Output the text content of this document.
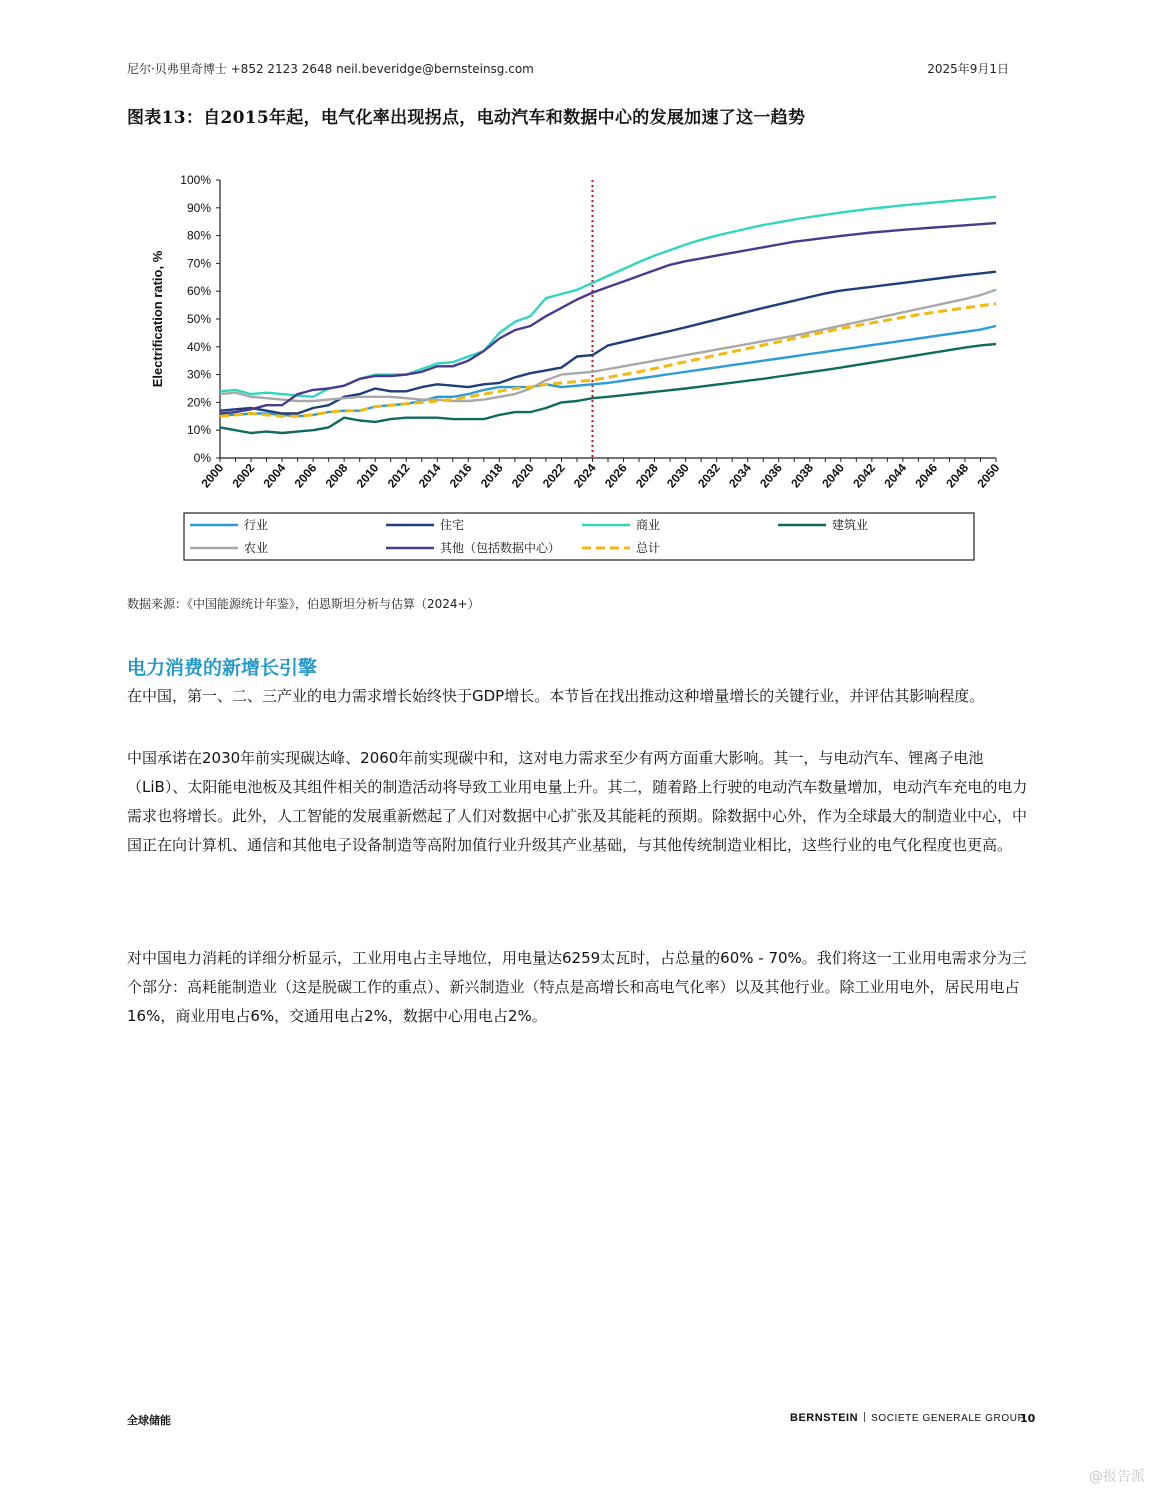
尼尔·贝弗里奇博士 +852 2123 2648 neil.beveridge@bernsteinsg.com	2025年9月1日
图表13：自2015年起，电气化率出现拐点，电动汽车和数据中心的发展加速了这一趋势
0%
10%
20%
30%
40%
50%
60%
70%
80%
90%
100%
Electrification ratio, %
2000 2002 2004 2006 2008 2010 2012 2014 2016 2018 2020 2022 2024 2026 2028 2030 2032 2034 2036 2038 2040 2042 2044 2046 2048 2050
行业	住宅	商业	建筑业
农业	其他（包括数据中心）	总计
数据来源：《中国能源统计年鉴》，伯恩斯坦分析与估算（2024+）
电力消费的新增长引擎

在中国，第一、二、三产业的电力需求增长始终快于GDP增长。本节旨在找出推动这种增量增长的关键行业，并评估其影响程度。

中国承诺在2030年前实现碳达峰、2060年前实现碳中和，这对电力需求至少有两方面重大影响。其一，与电动汽车、锂离子电池（LiB）、太阳能电池板及其组件相关的制造活动将导致工业用电量上升。其二，随着路上行驶的电动汽车数量增加，电动汽车充电的电力需求也将增长。此外，人工智能的发展重新燃起了人们对数据中心扩张及其能耗的预期。除数据中心外，作为全球最大的制造业中心，中国正在向计算机、通信和其他电子设备制造等高附加值行业升级其产业基础，与其他传统制造业相比，这些行业的电气化程度也更高。

对中国电力消耗的详细分析显示，工业用电占主导地位，用电量达6259太瓦时，占总量的60% - 70%。我们将这一工业用电需求分为三个部分：高耗能制造业（这是脱碳工作的重点）、新兴制造业（特点是高增长和高电气化率）以及其他行业。除工业用电外，居民用电占16%，商业用电占6%，交通用电占2%，数据中心用电占2%。

全球储能	BERNSTEIN SOCIETE GENERALE GROUP
10
@报告派
